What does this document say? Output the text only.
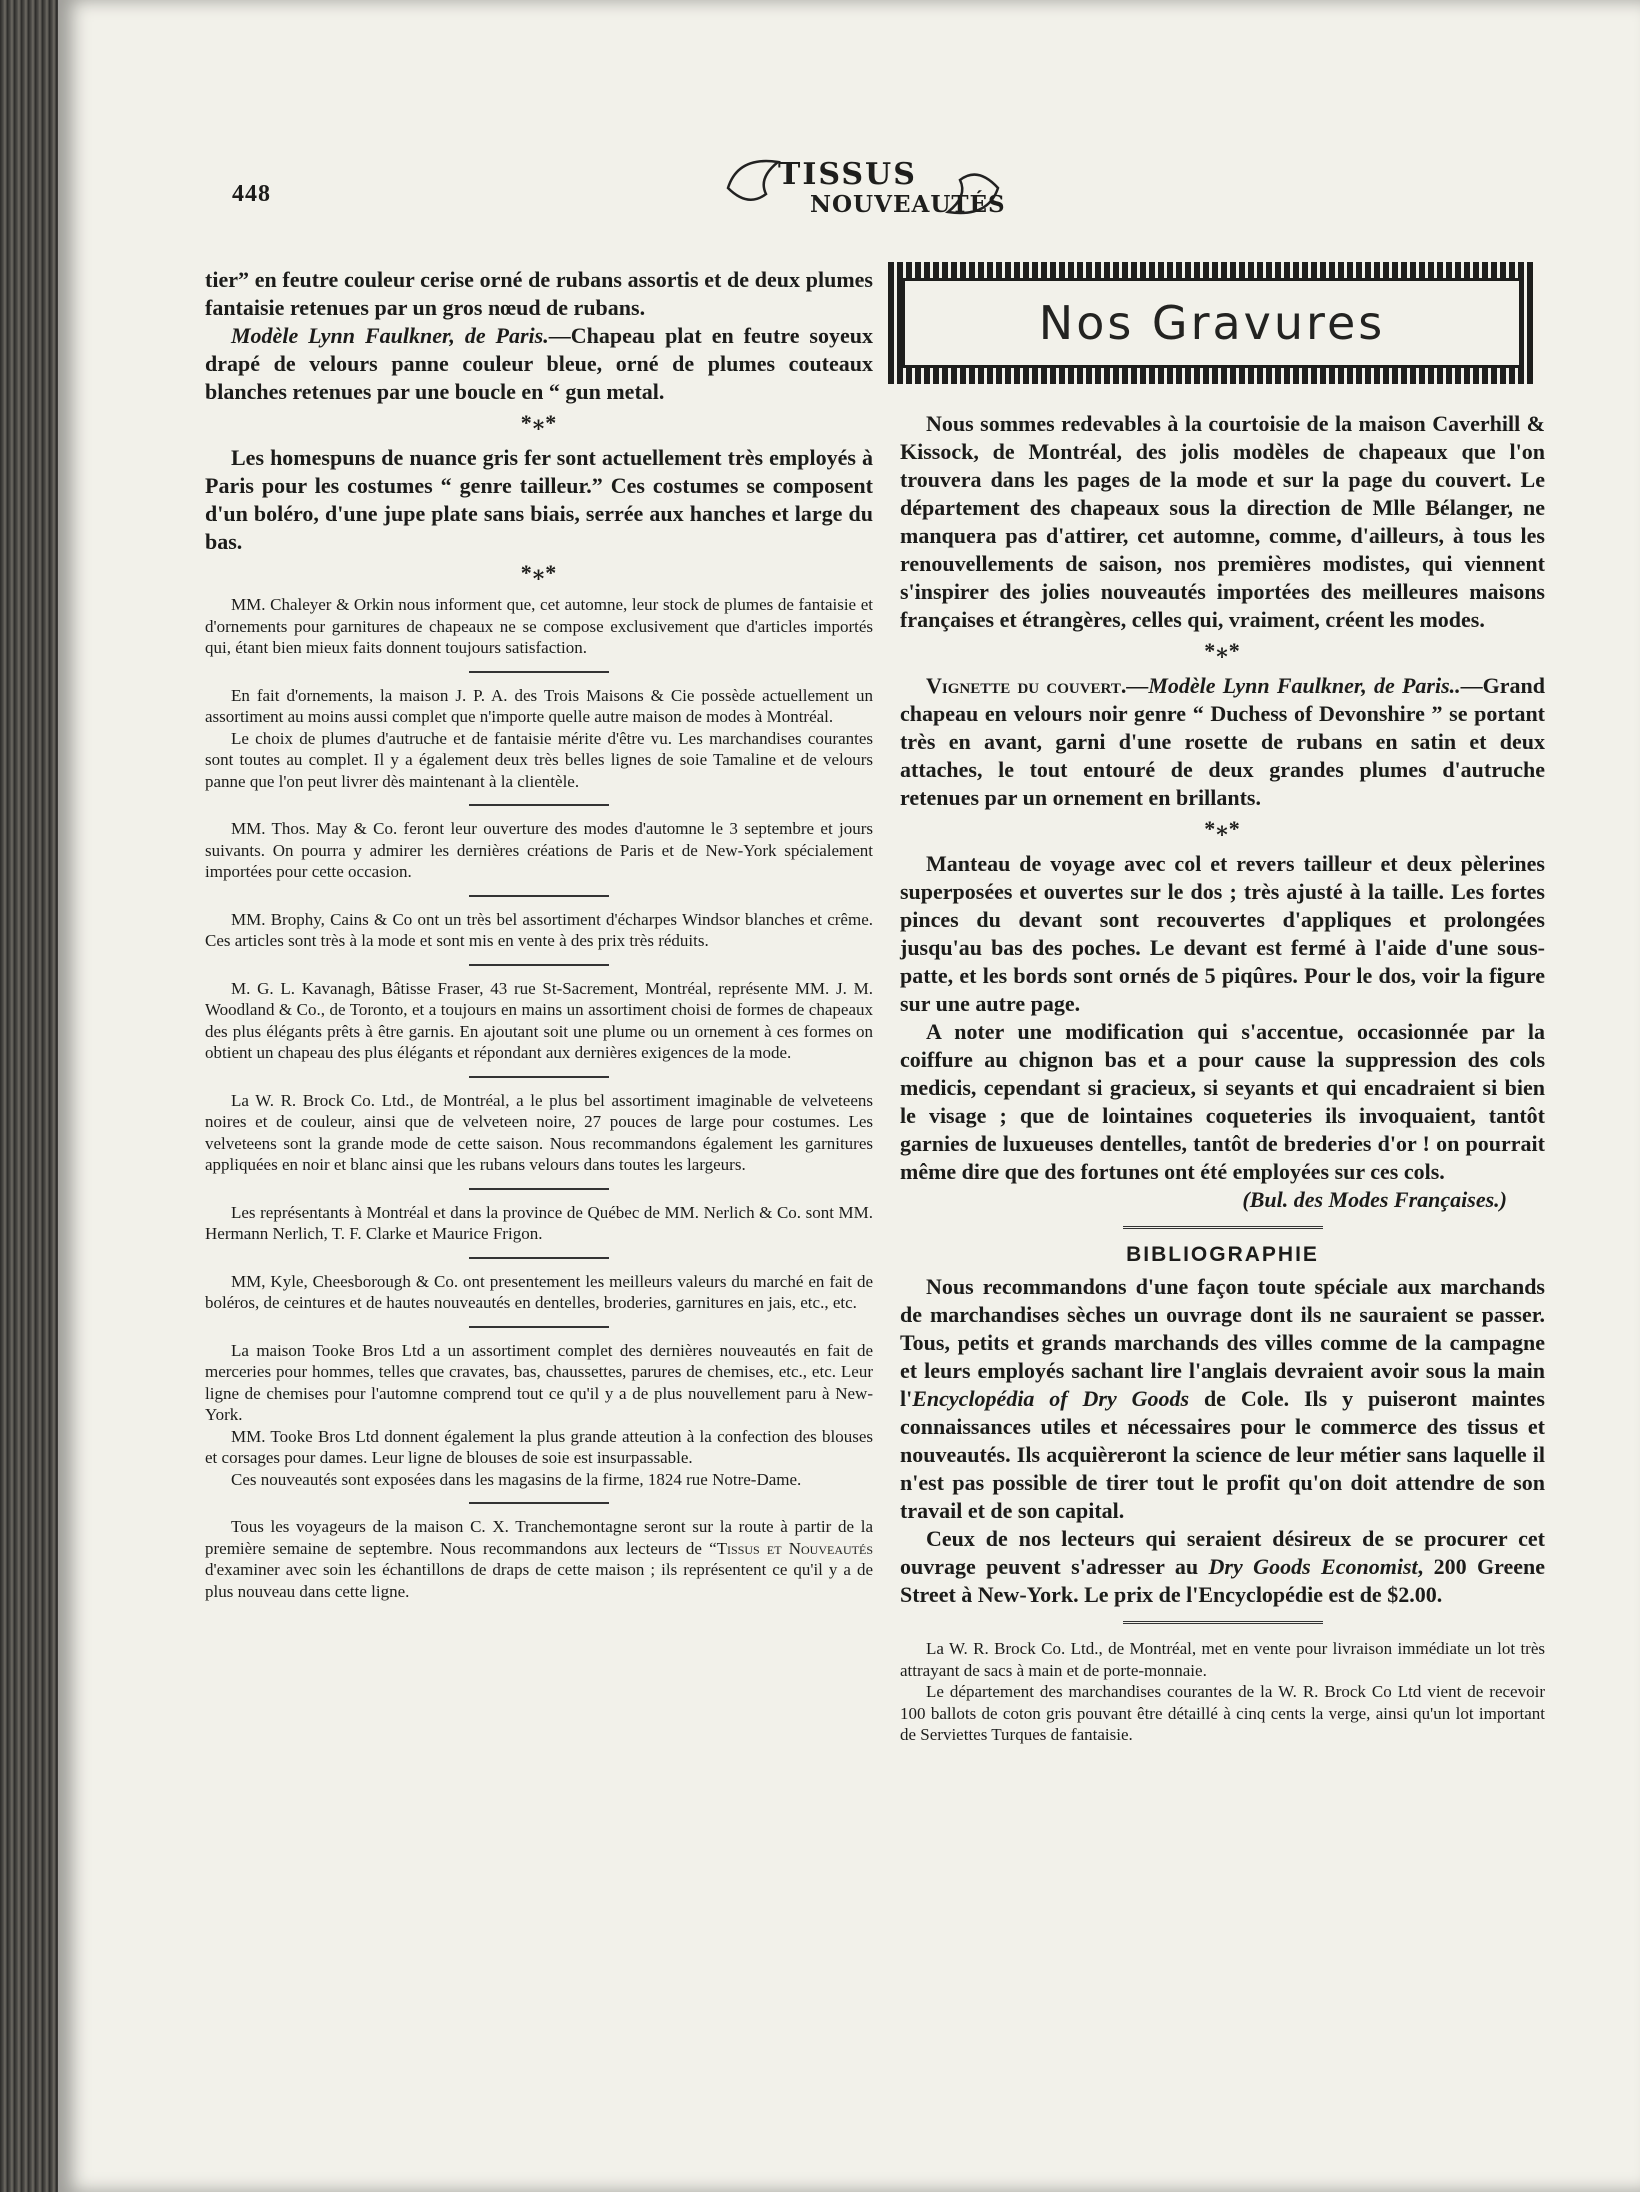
448
TISSUS
NOUVEAUTÉS

tier” en feutre couleur cerise orné de rubans assortis et de deux plumes fantaisie retenues par un gros nœud de rubans.

Modèle Lynn Faulkner, de Paris.—Chapeau plat en feutre soyeux drapé de velours panne couleur bleue, orné de plumes couteaux blanches retenues par une boucle en “ gun metal.

*⁎*

Les homespuns de nuance gris fer sont actuellement très employés à Paris pour les costumes “ genre tailleur.” Ces costumes se composent d'un boléro, d'une jupe plate sans biais, serrée aux hanches et large du bas.

*⁎*

MM. Chaleyer & Orkin nous informent que, cet automne, leur stock de plumes de fantaisie et d'ornements pour garnitures de chapeaux ne se compose exclusivement que d'articles importés qui, étant bien mieux faits donnent toujours satisfaction.

En fait d'ornements, la maison J. P. A. des Trois Maisons & Cie possède actuellement un assortiment au moins aussi complet que n'importe quelle autre maison de modes à Montréal.

Le choix de plumes d'autruche et de fantaisie mérite d'être vu. Les marchandises courantes sont toutes au complet. Il y a également deux très belles lignes de soie Tamaline et de velours panne que l'on peut livrer dès maintenant à la clientèle.

MM. Thos. May & Co. feront leur ouverture des modes d'automne le 3 septembre et jours suivants. On pourra y admirer les dernières créations de Paris et de New-York spécialement importées pour cette occasion.

MM. Brophy, Cains & Co ont un très bel assortiment d'écharpes Windsor blanches et crême. Ces articles sont très à la mode et sont mis en vente à des prix très réduits.

M. G. L. Kavanagh, Bâtisse Fraser, 43 rue St-Sacrement, Montréal, représente MM. J. M. Woodland & Co., de Toronto, et a toujours en mains un assortiment choisi de formes de chapeaux des plus élégants prêts à être garnis. En ajoutant soit une plume ou un ornement à ces formes on obtient un chapeau des plus élégants et répondant aux dernières exigences de la mode.

La W. R. Brock Co. Ltd., de Montréal, a le plus bel assortiment imaginable de velveteens noires et de couleur, ainsi que de velveteen noire, 27 pouces de large pour costumes. Les velveteens sont la grande mode de cette saison. Nous recommandons également les garnitures appliquées en noir et blanc ainsi que les rubans velours dans toutes les largeurs.

Les représentants à Montréal et dans la province de Québec de MM. Nerlich & Co. sont MM. Hermann Nerlich, T. F. Clarke et Maurice Frigon.

MM, Kyle, Cheesborough & Co. ont presentement les meilleurs valeurs du marché en fait de boléros, de ceintures et de hautes nouveautés en dentelles, broderies, garnitures en jais, etc., etc.

La maison Tooke Bros Ltd a un assortiment complet des dernières nouveautés en fait de merceries pour hommes, telles que cravates, bas, chaussettes, parures de chemises, etc., etc. Leur ligne de chemises pour l'automne comprend tout ce qu'il y a de plus nouvellement paru à New-York.

MM. Tooke Bros Ltd donnent également la plus grande atteution à la confection des blouses et corsages pour dames. Leur ligne de blouses de soie est insurpassable.

Ces nouveautés sont exposées dans les magasins de la firme, 1824 rue Notre-Dame.

Tous les voyageurs de la maison C. X. Tranchemontagne seront sur la route à partir de la première semaine de septembre. Nous recommandons aux lecteurs de “Tissus et Nouveautés d'examiner avec soin les échantillons de draps de cette maison ; ils représentent ce qu'il y a de plus nouveau dans cette ligne.

Nos Gravures

Nous sommes redevables à la courtoisie de la maison Caverhill & Kissock, de Montréal, des jolis modèles de chapeaux que l'on trouvera dans les pages de la mode et sur la page du couvert. Le département des chapeaux sous la direction de Mlle Bélanger, ne manquera pas d'attirer, cet automne, comme, d'ailleurs, à tous les renouvellements de saison, nos premières modistes, qui viennent s'inspirer des jolies nouveautés importées des meilleures maisons françaises et étrangères, celles qui, vraiment, créent les modes.

*⁎*

Vignette du couvert.—Modèle Lynn Faulkner, de Paris..—Grand chapeau en velours noir genre “ Duchess of Devonshire ” se portant très en avant, garni d'une rosette de rubans en satin et deux attaches, le tout entouré de deux grandes plumes d'autruche retenues par un ornement en brillants.

*⁎*

Manteau de voyage avec col et revers tailleur et deux pèlerines superposées et ouvertes sur le dos ; très ajusté à la taille. Les fortes pinces du devant sont recouvertes d'appliques et prolongées jusqu'au bas des poches. Le devant est fermé à l'aide d'une sous-patte, et les bords sont ornés de 5 piqûres. Pour le dos, voir la figure sur une autre page.

A noter une modification qui s'accentue, occasionnée par la coiffure au chignon bas et a pour cause la suppression des cols medicis, cependant si gracieux, si seyants et qui encadraient si bien le visage ; que de lointaines coqueteries ils invoquaient, tantôt garnies de luxueuses dentelles, tantôt de brederies d'or ! on pourrait même dire que des fortunes ont été employées sur ces cols.

(Bul. des Modes Françaises.)
BIBLIOGRAPHIE

Nous recommandons d'une façon toute spéciale aux marchands de marchandises sèches un ouvrage dont ils ne sauraient se passer. Tous, petits et grands marchands des villes comme de la campagne et leurs employés sachant lire l'anglais devraient avoir sous la main l'Encyclopédia of Dry Goods de Cole. Ils y puiseront maintes connaissances utiles et nécessaires pour le commerce des tissus et nouveautés. Ils acquièreront la science de leur métier sans laquelle il n'est pas possible de tirer tout le profit qu'on doit attendre de son travail et de son capital.

Ceux de nos lecteurs qui seraient désireux de se procurer cet ouvrage peuvent s'adresser au Dry Goods Economist, 200 Greene Street à New-York. Le prix de l'Encyclopédie est de $2.00.

La W. R. Brock Co. Ltd., de Montréal, met en vente pour livraison immédiate un lot très attrayant de sacs à main et de porte-monnaie.

Le département des marchandises courantes de la W. R. Brock Co Ltd vient de recevoir 100 ballots de coton gris pouvant être détaillé à cinq cents la verge, ainsi qu'un lot important de Serviettes Turques de fantaisie.
